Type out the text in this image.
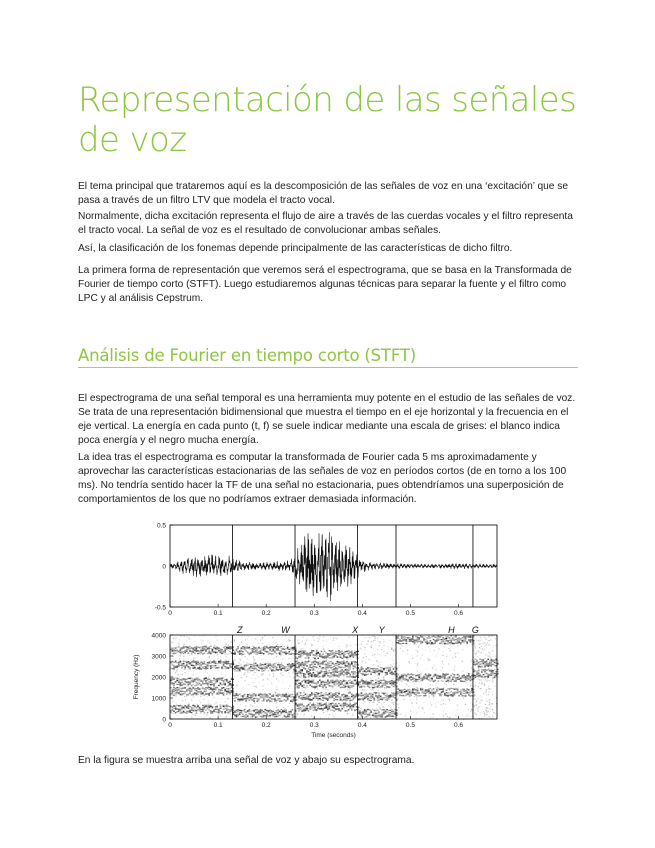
Representación de las señales de voz

El tema principal que trataremos aquí es la descomposición de las señales de voz en una ‘excitación’ que se pasa a través de un filtro LTV que modela el tracto vocal.

Normalmente, dicha excitación representa el flujo de aire a través de las cuerdas vocales y el filtro representa el tracto vocal. La señal de voz es el resultado de convolucionar ambas señales.

Así, la clasificación de los fonemas depende principalmente de las características de dicho filtro.

La primera forma de representación que veremos será el espectrograma, que se basa en la Transformada de Fourier de tiempo corto (STFT). Luego estudiaremos algunas técnicas para separar la fuente y el filtro como LPC y al análisis Cepstrum.

Análisis de Fourier en tiempo corto (STFT)

El espectrograma de una señal temporal es una herramienta muy potente en el estudio de las señales de voz. Se trata de una representación bidimensional que muestra el tiempo en el eje horizontal y la frecuencia en el eje vertical. La energía en cada punto (t, f) se suele indicar mediante una escala de grises: el blanco indica poca energía y el negro mucha energía.

La idea tras el espectrograma es computar la transformada de Fourier cada 5 ms aproximadamente y aprovechar las características estacionarias de las señales de voz en períodos cortos (de en torno a los 100 ms). No tendría sentido hacer la TF de una señal no estacionaria, pues obtendríamos una superposición de comportamientos de los que no podríamos extraer demasiada información.

0	0.1	0.2	0.3	0.4	0.5	0.6
0.5
0
-0.5
0	0.1	0.2	0.3	0.4	0.5	0.6
4000
3000
2000
1000
0
Z	W	X Y	H G
Time (seconds)
Frequency (Hz)

En la figura se muestra arriba una señal de voz y abajo su espectrograma.
